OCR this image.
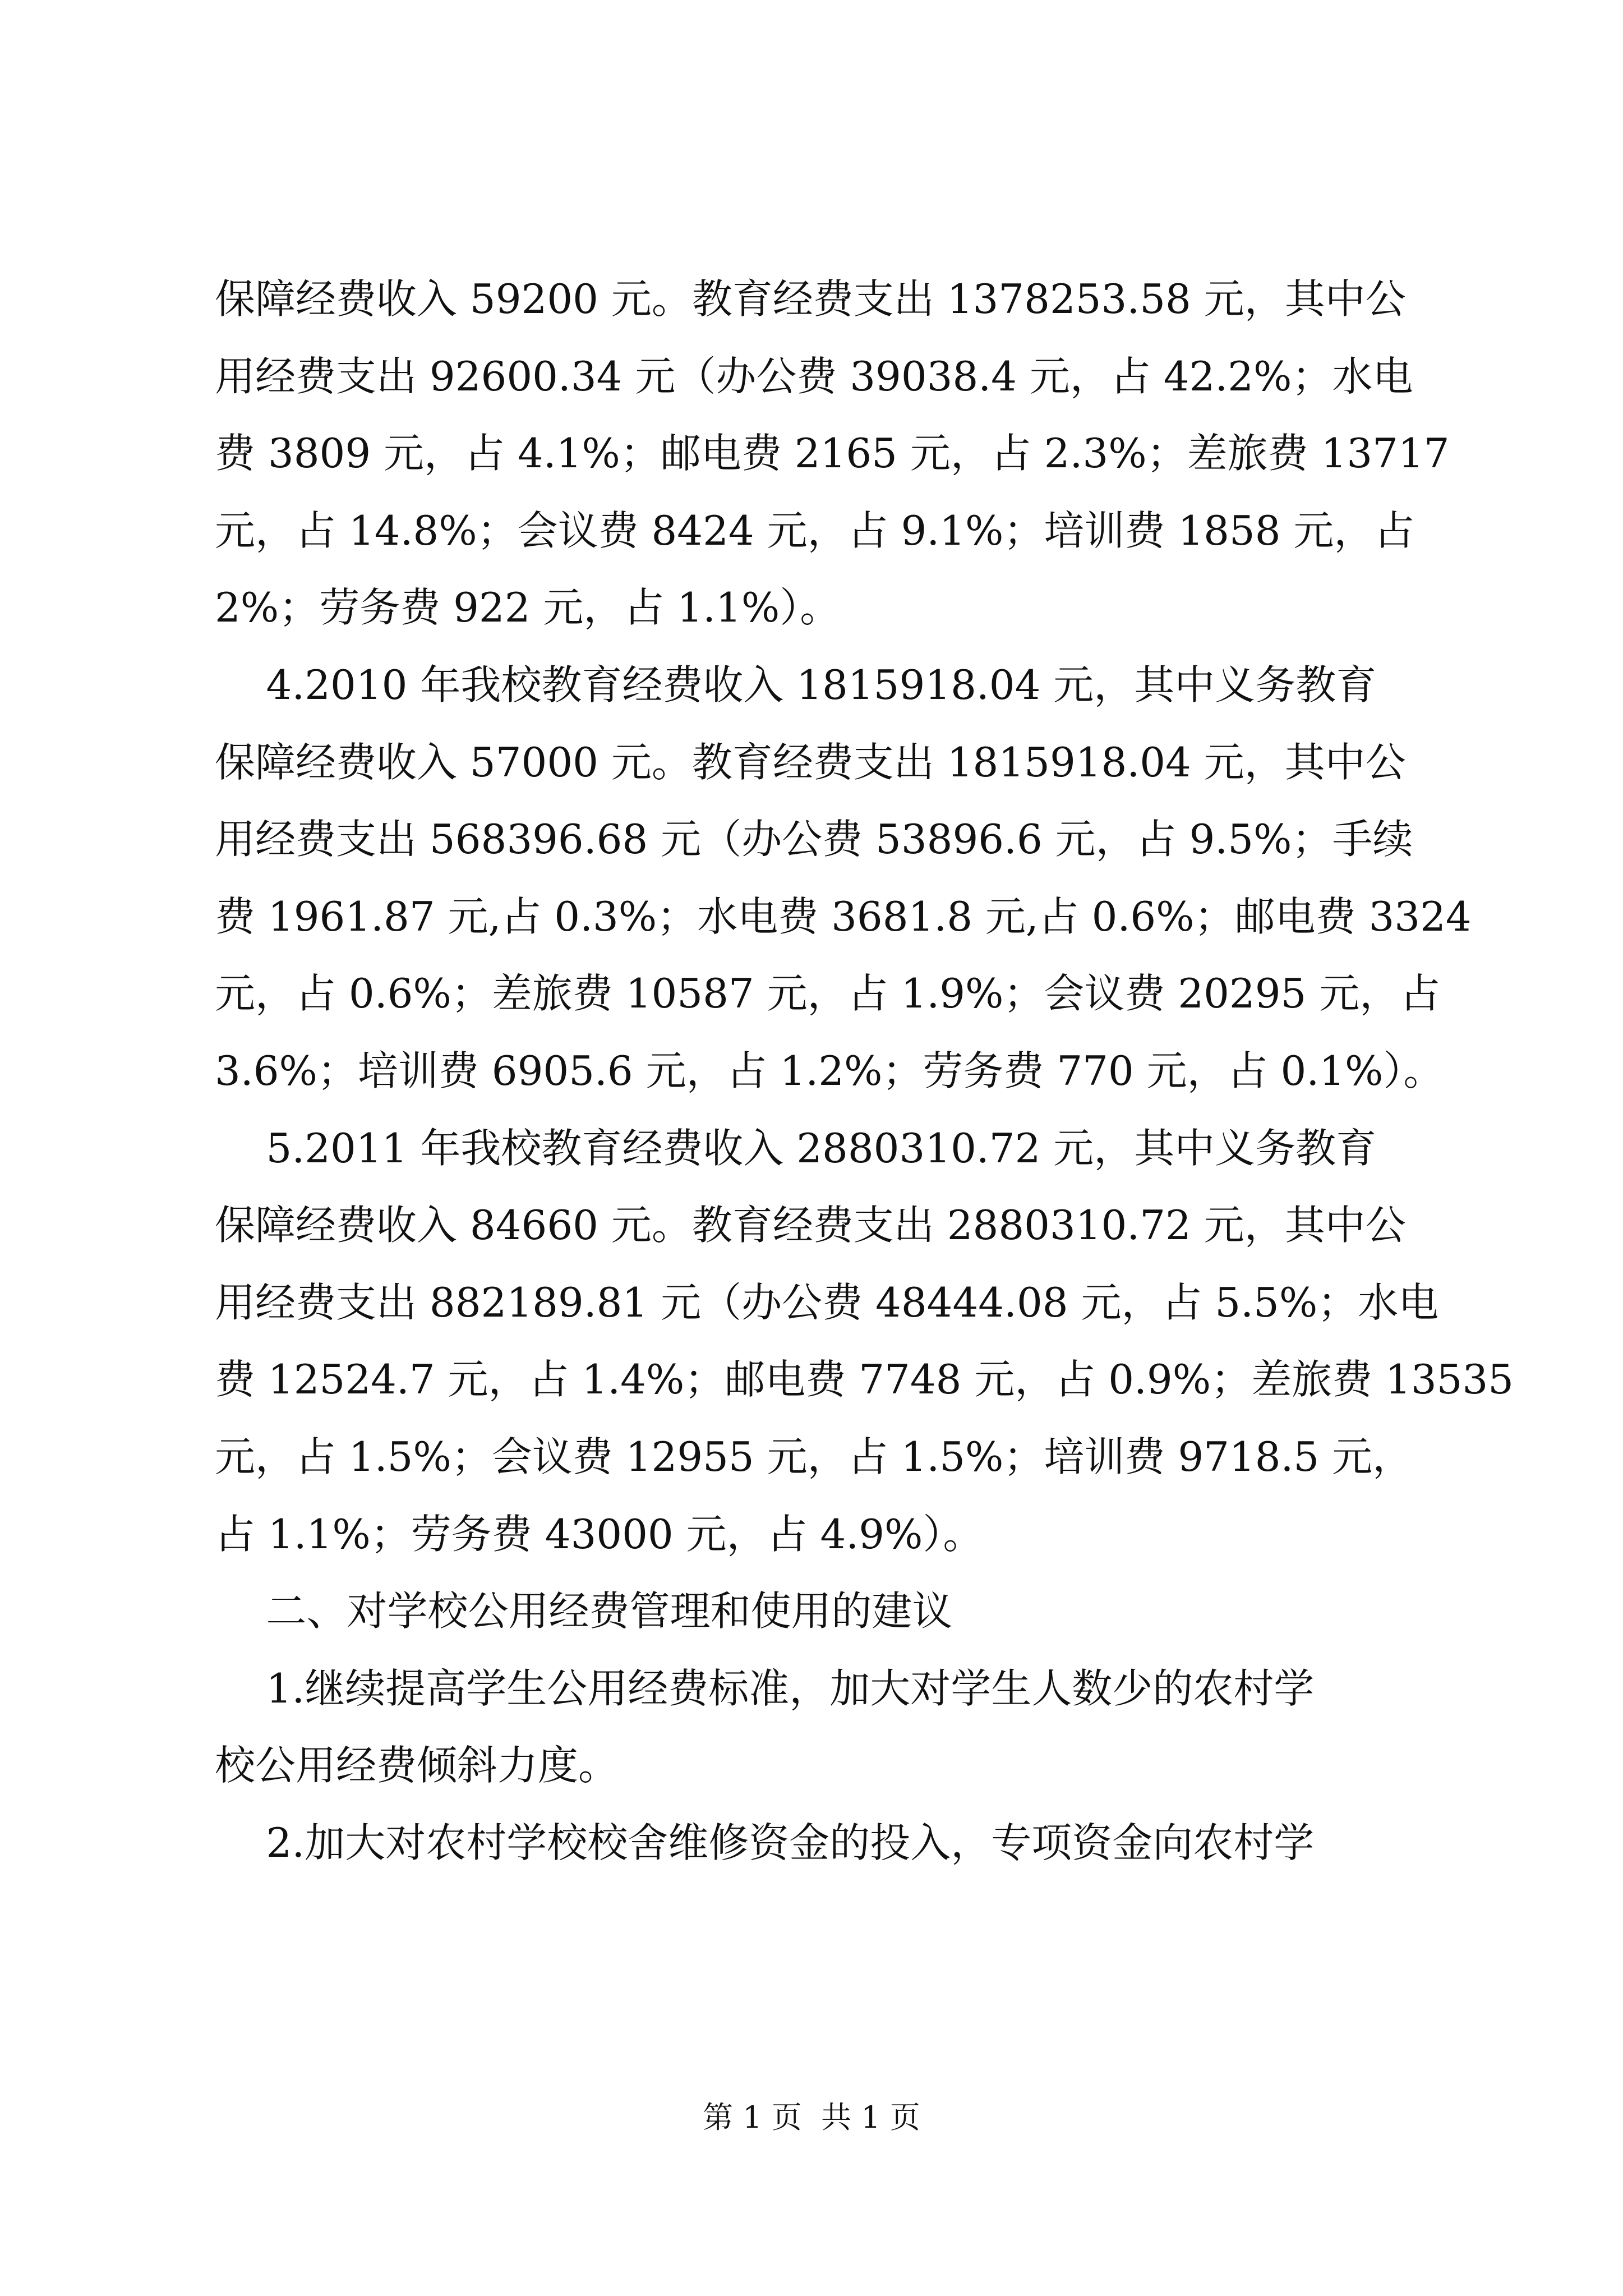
保障经费收入 59200 元。教育经费支出 1378253.58 元，其中公
用经费支出 92600.34 元（办公费 39038.4 元，占 42.2%；水电
费 3809 元，占 4.1%；邮电费 2165 元，占 2.3%；差旅费 13717
元，占 14.8%；会议费 8424 元，占 9.1%；培训费 1858 元，占
2%；劳务费 922 元，占 1.1%）。
4.2010 年我校教育经费收入 1815918.04 元，其中义务教育
保障经费收入 57000 元。教育经费支出 1815918.04 元，其中公
用经费支出 568396.68 元（办公费 53896.6 元，占 9.5%；手续
费 1961.87 元,占 0.3%；水电费 3681.8 元,占 0.6%；邮电费 3324
元，占 0.6%；差旅费 10587 元，占 1.9%；会议费 20295 元，占
3.6%；培训费 6905.6 元，占 1.2%；劳务费 770 元，占 0.1%）。
5.2011 年我校教育经费收入 2880310.72 元，其中义务教育
保障经费收入 84660 元。教育经费支出 2880310.72 元，其中公
用经费支出 882189.81 元（办公费 48444.08 元，占 5.5%；水电
费 12524.7 元，占 1.4%；邮电费 7748 元，占 0.9%；差旅费 13535
元，占 1.5%；会议费 12955 元，占 1.5%；培训费 9718.5 元，
占 1.1%；劳务费 43000 元，占 4.9%）。
二、对学校公用经费管理和使用的建议
1.继续提高学生公用经费标准，加大对学生人数少的农村学
校公用经费倾斜力度。
2.加大对农村学校校舍维修资金的投入，专项资金向农村学
第 1 页  共 1 页
